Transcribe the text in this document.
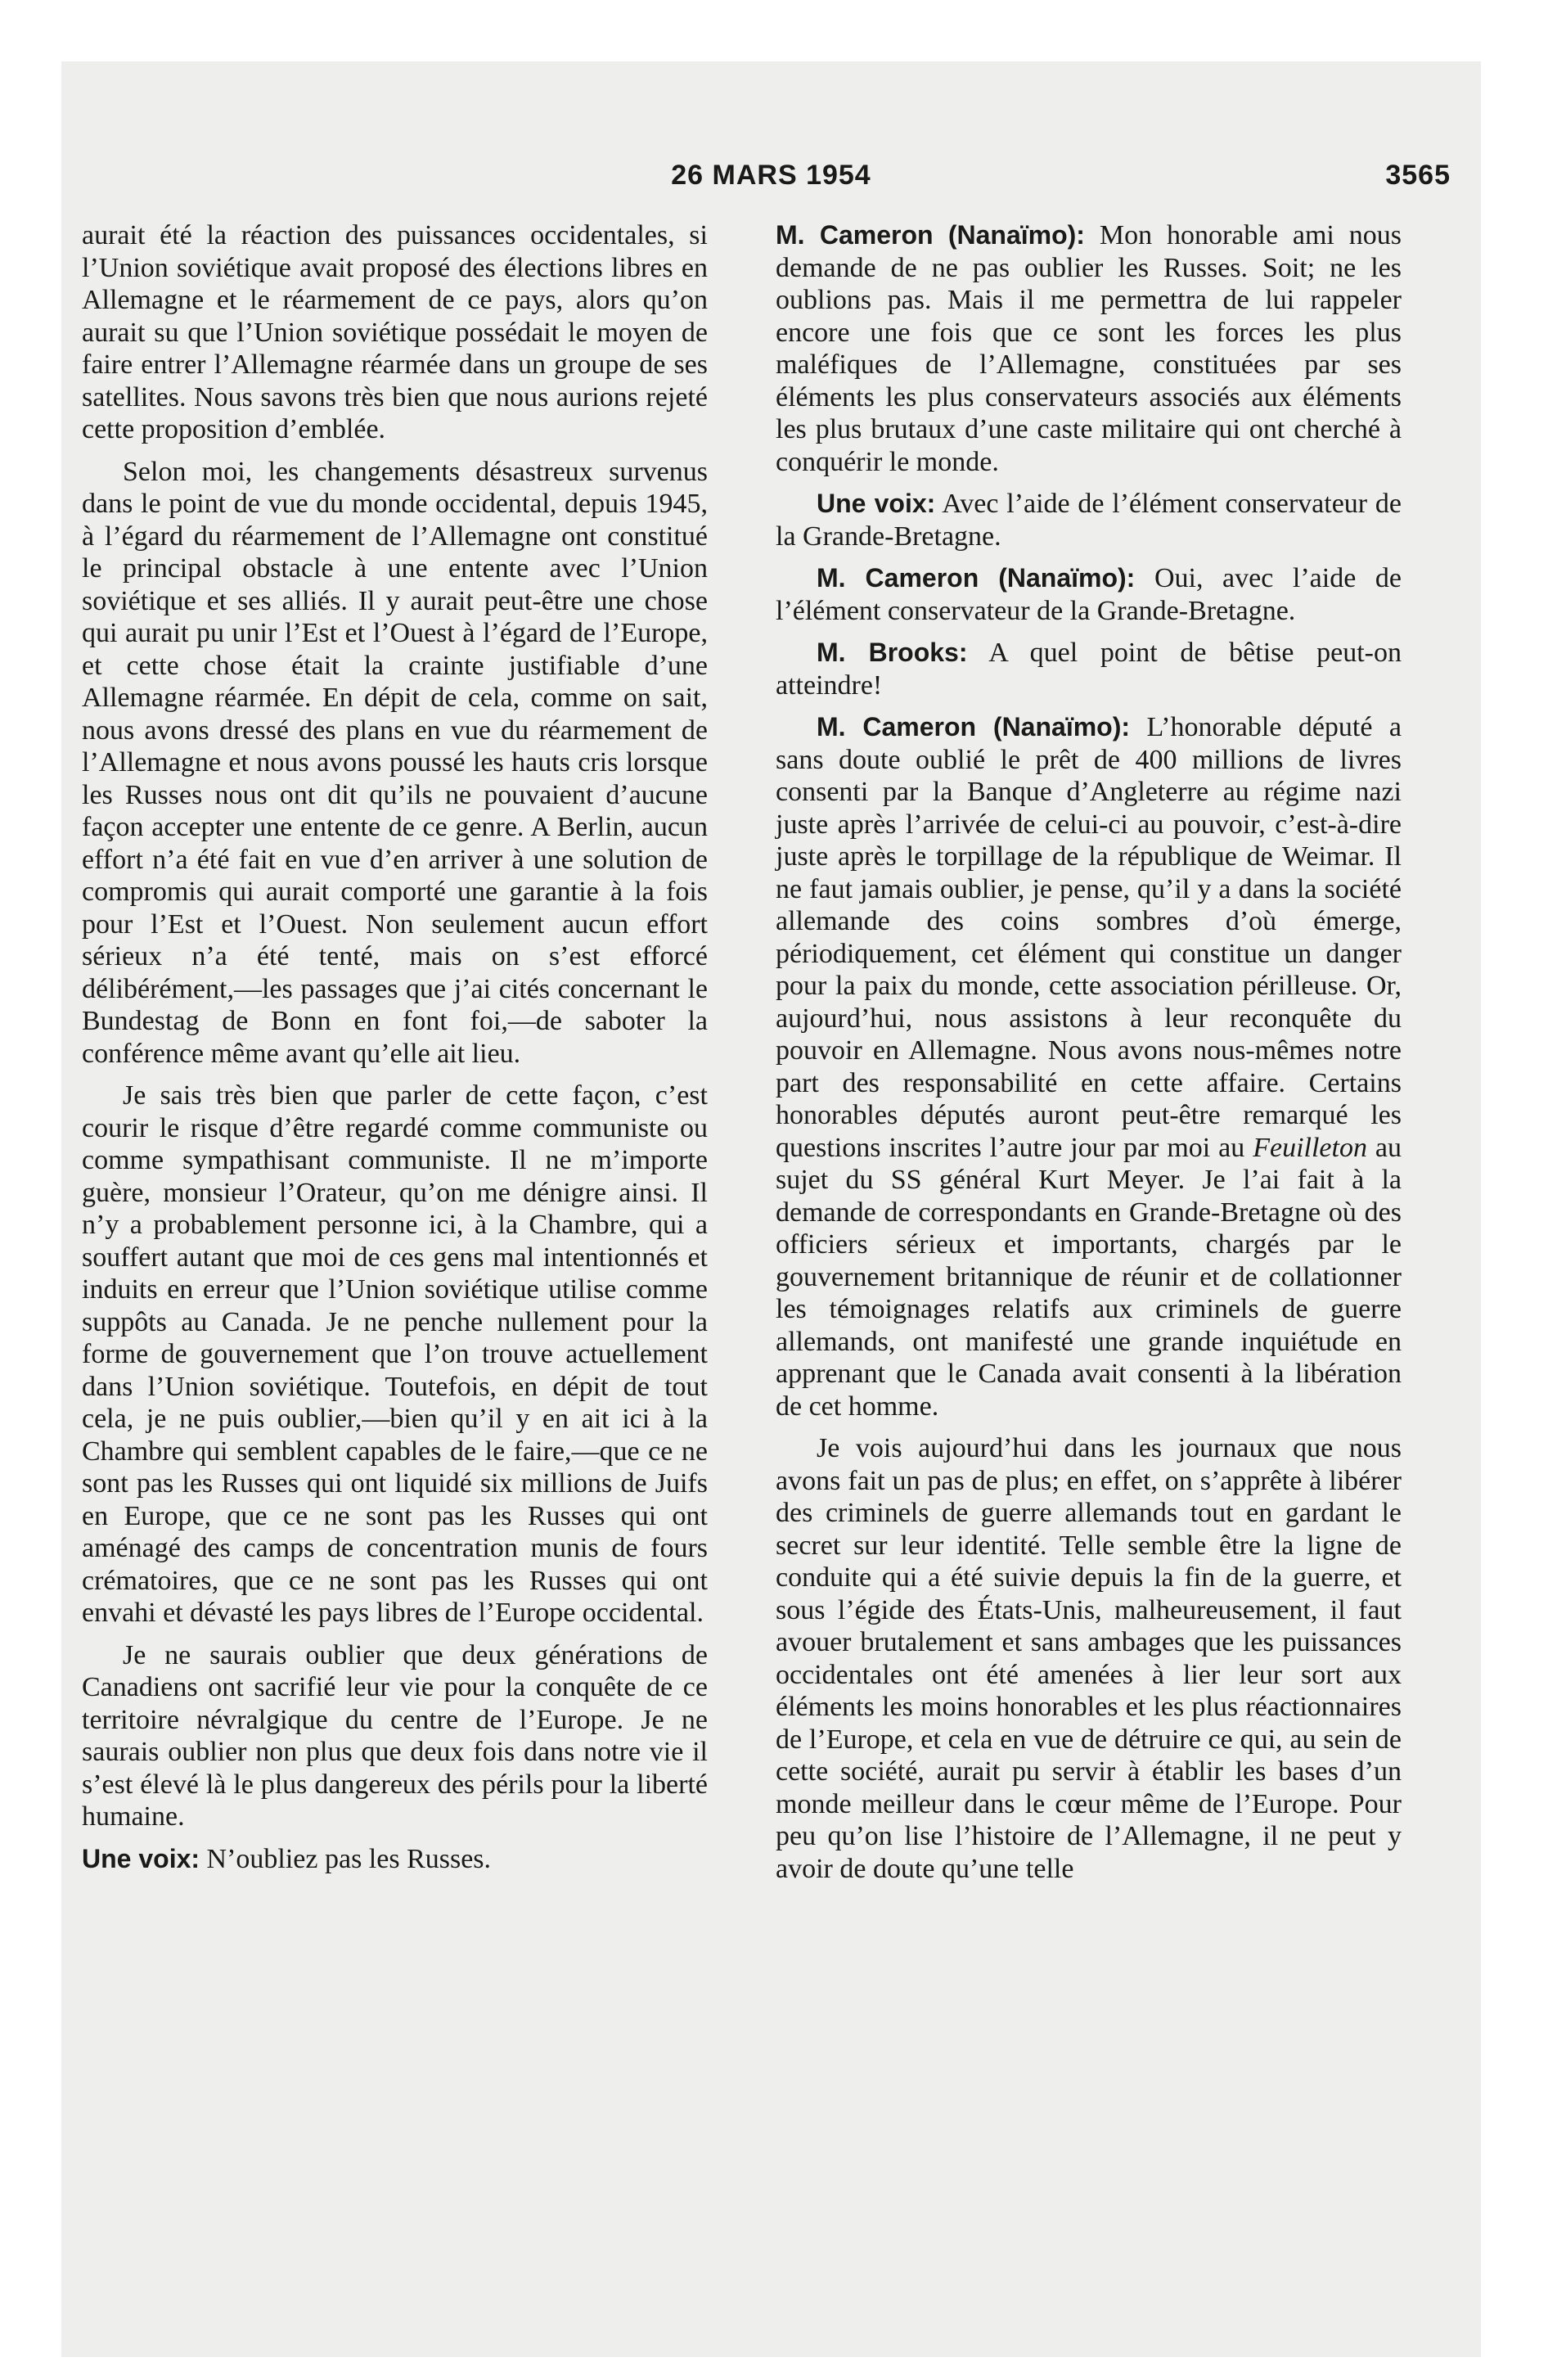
26 MARS 1954	3565

aurait été la réaction des puissances occidentales, si l’Union soviétique avait proposé des élections libres en Allemagne et le réarmement de ce pays, alors qu’on aurait su que l’Union soviétique possédait le moyen de faire entrer l’Allemagne réarmée dans un groupe de ses satellites. Nous savons très bien que nous aurions rejeté cette proposition d’emblée.

Selon moi, les changements désastreux survenus dans le point de vue du monde occidental, depuis 1945, à l’égard du réarmement de l’Allemagne ont constitué le principal obstacle à une entente avec l’Union soviétique et ses alliés. Il y aurait peut-être une chose qui aurait pu unir l’Est et l’Ouest à l’égard de l’Europe, et cette chose était la crainte justifiable d’une Allemagne réarmée. En dépit de cela, comme on sait, nous avons dressé des plans en vue du réarmement de l’Allemagne et nous avons poussé les hauts cris lorsque les Russes nous ont dit qu’ils ne pouvaient d’aucune façon accepter une entente de ce genre. A Berlin, aucun effort n’a été fait en vue d’en arriver à une solution de compromis qui aurait comporté une garantie à la fois pour l’Est et l’Ouest. Non seulement aucun effort sérieux n’a été tenté, mais on s’est efforcé délibérément,—les passages que j’ai cités concernant le Bundestag de Bonn en font foi,—de saboter la conférence même avant qu’elle ait lieu.

Je sais très bien que parler de cette façon, c’est courir le risque d’être regardé comme communiste ou comme sympathisant communiste. Il ne m’importe guère, monsieur l’Orateur, qu’on me dénigre ainsi. Il n’y a probablement personne ici, à la Chambre, qui a souffert autant que moi de ces gens mal intentionnés et induits en erreur que l’Union soviétique utilise comme suppôts au Canada. Je ne penche nullement pour la forme de gouvernement que l’on trouve actuellement dans l’Union soviétique. Toutefois, en dépit de tout cela, je ne puis oublier,—bien qu’il y en ait ici à la Chambre qui semblent capables de le faire,—que ce ne sont pas les Russes qui ont liquidé six millions de Juifs en Europe, que ce ne sont pas les Russes qui ont aménagé des camps de concentration munis de fours crématoires, que ce ne sont pas les Russes qui ont envahi et dévasté les pays libres de l’Europe occidental.

Je ne saurais oublier que deux générations de Canadiens ont sacrifié leur vie pour la conquête de ce territoire névralgique du centre de l’Europe. Je ne saurais oublier non plus que deux fois dans notre vie il s’est élevé là le plus dangereux des périls pour la liberté humaine.

Une voix: N’oubliez pas les Russes.

M. Cameron (Nanaïmo): Mon honorable ami nous demande de ne pas oublier les Russes. Soit; ne les oublions pas. Mais il me permettra de lui rappeler encore une fois que ce sont les forces les plus maléfiques de l’Allemagne, constituées par ses éléments les plus conservateurs associés aux éléments les plus brutaux d’une caste militaire qui ont cherché à conquérir le monde.

Une voix: Avec l’aide de l’élément conservateur de la Grande-Bretagne.

M. Cameron (Nanaïmo): Oui, avec l’aide de l’élément conservateur de la Grande-Bretagne.

M. Brooks: A quel point de bêtise peut-on atteindre!

M. Cameron (Nanaïmo): L’honorable député a sans doute oublié le prêt de 400 millions de livres consenti par la Banque d’Angleterre au régime nazi juste après l’arrivée de celui-ci au pouvoir, c’est-à-dire juste après le torpillage de la république de Weimar. Il ne faut jamais oublier, je pense, qu’il y a dans la société allemande des coins sombres d’où émerge, périodiquement, cet élément qui constitue un danger pour la paix du monde, cette association périlleuse. Or, aujourd’hui, nous assistons à leur reconquête du pouvoir en Allemagne. Nous avons nous-mêmes notre part des responsabilité en cette affaire. Certains honorables députés auront peut-être remarqué les questions inscrites l’autre jour par moi au Feuilleton au sujet du SS général Kurt Meyer. Je l’ai fait à la demande de correspondants en Grande-Bretagne où des officiers sérieux et importants, chargés par le gouvernement britannique de réunir et de collationner les témoignages relatifs aux criminels de guerre allemands, ont manifesté une grande inquiétude en apprenant que le Canada avait consenti à la libération de cet homme.

Je vois aujourd’hui dans les journaux que nous avons fait un pas de plus; en effet, on s’apprête à libérer des criminels de guerre allemands tout en gardant le secret sur leur identité. Telle semble être la ligne de conduite qui a été suivie depuis la fin de la guerre, et sous l’égide des États-Unis, malheureusement, il faut avouer brutalement et sans ambages que les puissances occidentales ont été amenées à lier leur sort aux éléments les moins honorables et les plus réactionnaires de l’Europe, et cela en vue de détruire ce qui, au sein de cette société, aurait pu servir à établir les bases d’un monde meilleur dans le cœur même de l’Europe. Pour peu qu’on lise l’histoire de l’Allemagne, il ne peut y avoir de doute qu’une telle
